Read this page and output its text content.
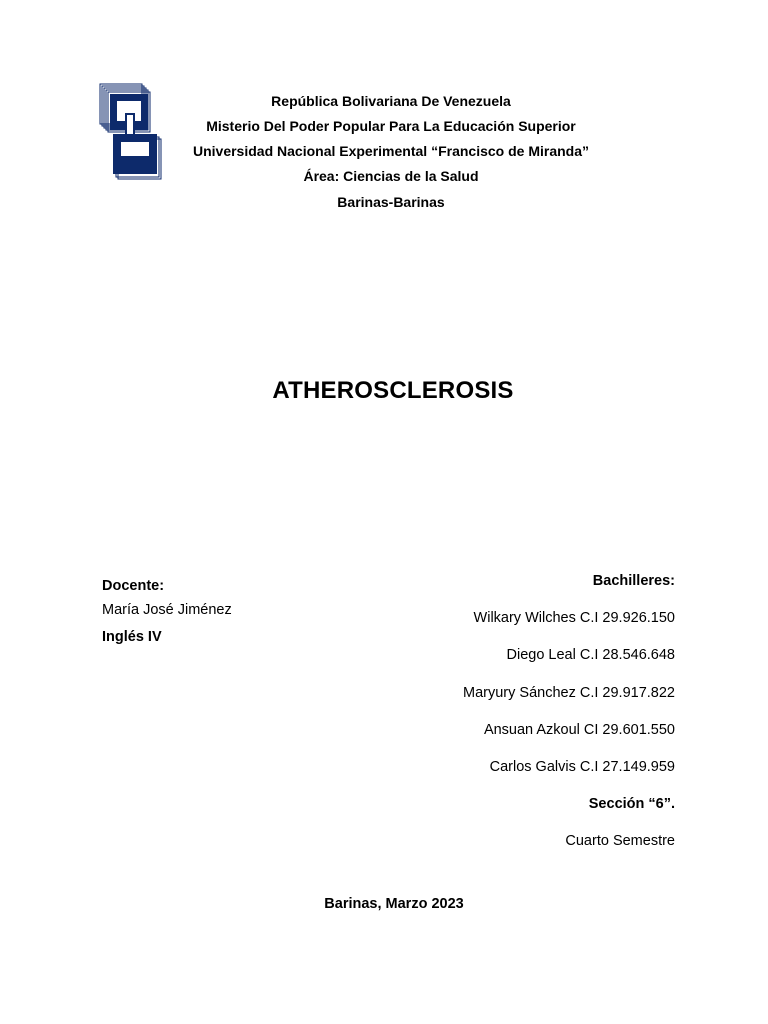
República Bolivariana De Venezuela
Misterio Del Poder Popular Para La Educación Superior
Universidad Nacional Experimental “Francisco de Miranda”
Área: Ciencias de la Salud
Barinas-Barinas
ATHEROSCLEROSIS
Docente:
María José Jiménez
Inglés IV
Bachilleres:
Wilkary Wilches C.I 29.926.150
Diego Leal C.I 28.546.648
Maryury Sánchez C.I 29.917.822
Ansuan Azkoul CI 29.601.550
Carlos Galvis C.I 27.149.959
Sección “6”.
Cuarto Semestre
Barinas, Marzo 2023
